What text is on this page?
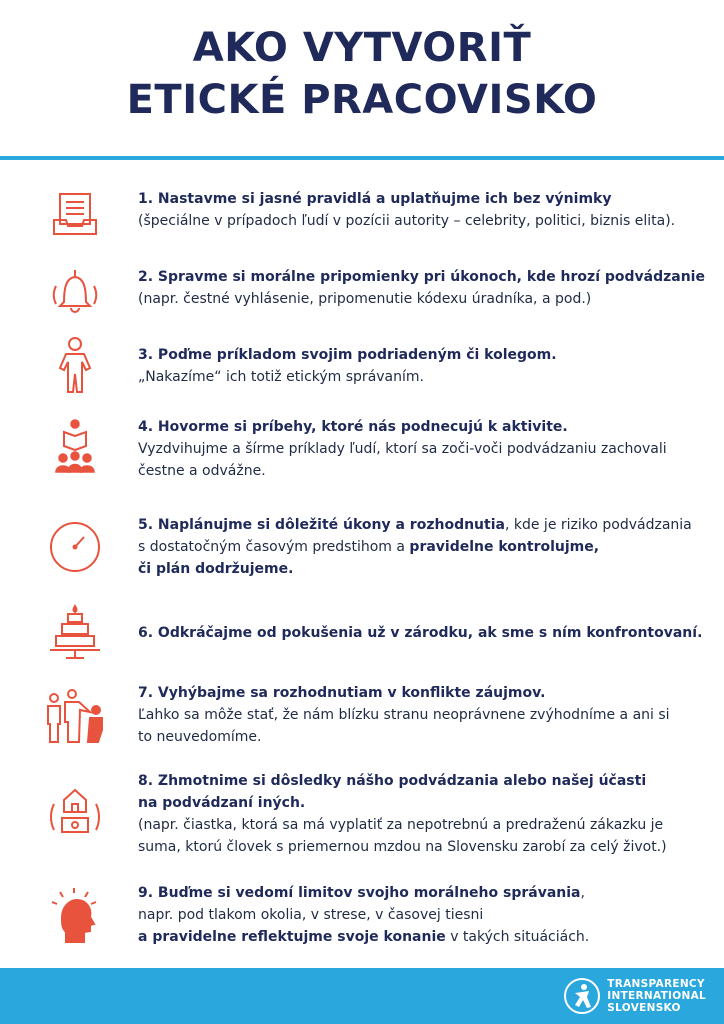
AKO VYTVORIŤ
ETICKÉ PRACOVISKO
1. Nastavme si jasné pravidlá a uplatňujme ich bez výnimky
(špeciálne v prípadoch ľudí v pozícii autority – celebrity, politici, biznis elita).
2. Spravme si morálne pripomienky pri úkonoch, kde hrozí podvádzanie
(napr. čestné vyhlásenie, pripomenutie kódexu úradníka, a pod.)
3. Poďme príkladom svojim podriadeným či kolegom.
„Nakazíme“ ich totiž etickým správaním.
4. Hovorme si príbehy, ktoré nás podnecujú k aktivite.
Vyzdvihujme a šírme príklady ľudí, ktorí sa zoči-voči podvádzaniu zachovali
čestne a odvážne.
5. Naplánujme si dôležité úkony a rozhodnutia, kde je riziko podvádzania
s dostatočným časovým predstihom a pravidelne kontrolujme,
či plán dodržujeme.
6. Odkráčajme od pokušenia už v zárodku, ak sme s ním konfrontovaní.
7. Vyhýbajme sa rozhodnutiam v konflikte záujmov.
Ľahko sa môže stať, že nám blízku stranu neoprávnene zvýhodníme a ani si
to neuvedomíme.
8. Zhmotnime si dôsledky nášho podvádzania alebo našej účasti
na podvádzaní iných.
(napr. čiastka, ktorá sa má vyplatiť za nepotrebnú a predraženú zákazku je
suma, ktorú človek s priemernou mzdou na Slovensku zarobí za celý život.)
9. Buďme si vedomí limitov svojho morálneho správania,
napr. pod tlakom okolia, v strese, v časovej tiesni
a pravidelne reflektujme svoje konanie v takých situáciách.
TRANSPARENCY
INTERNATIONAL
SLOVENSKO
